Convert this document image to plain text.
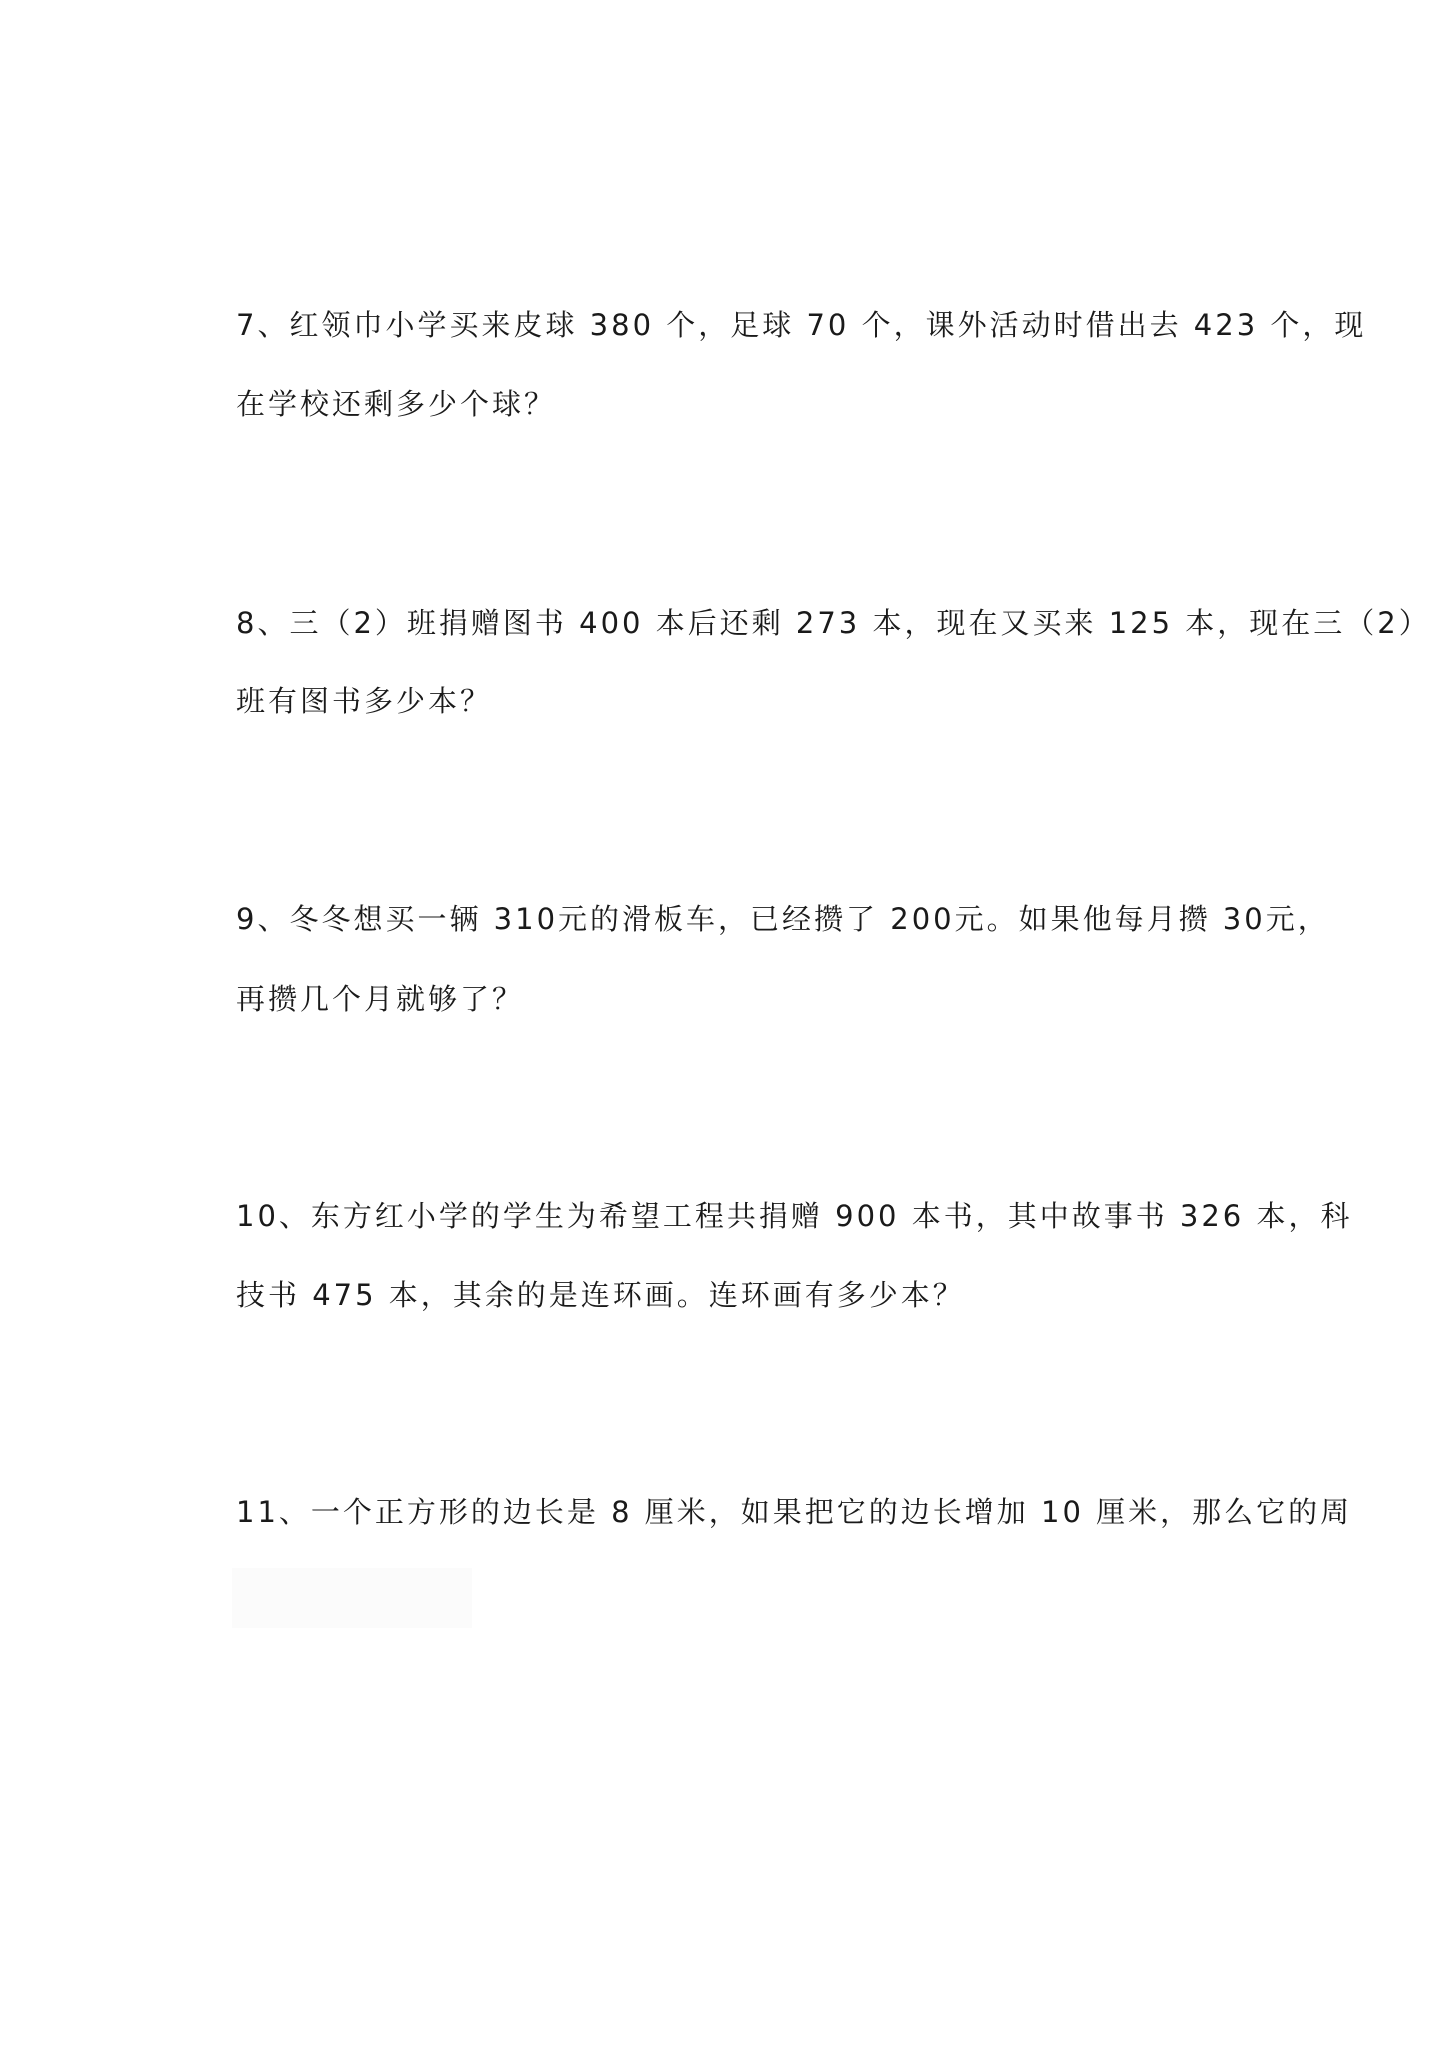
7、红领巾小学买来皮球 380 个，足球 70 个，课外活动时借出去 423 个，现
在学校还剩多少个球？
8、三（2）班捐赠图书 400 本后还剩 273 本，现在又买来 125 本，现在三（2）
班有图书多少本？
9、冬冬想买一辆 310元的滑板车，已经攒了 200元。如果他每月攒 30元，
再攒几个月就够了？
10、东方红小学的学生为希望工程共捐赠 900 本书，其中故事书 326 本，科
技书 475 本，其余的是连环画。连环画有多少本？
11、一个正方形的边长是 8 厘米，如果把它的边长增加 10 厘米，那么它的周
